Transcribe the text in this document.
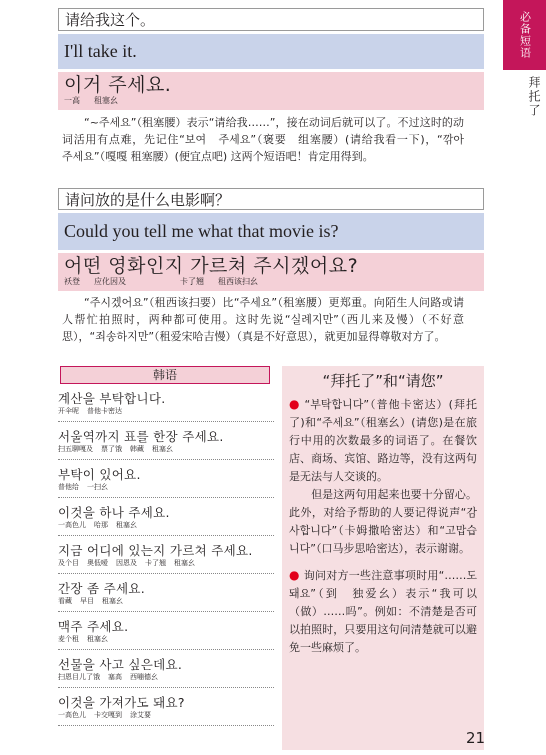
必备短语
拜托了
请给我这个。
I'll take it.
이거 주세요.
一高 租塞幺
“~주세요”（租塞腰）表示“请给我……”，接在动词后就可以了。不过这时的动词活用有点难，先记住“보여　주세요”（褒要　组塞腰）(请给我看一下)，“깎아　주세요”（嘎嘎 租塞腰）(便宜点吧) 这两个短语吧！肯定用得到。
请问放的是什么电影啊？
Could you tell me what that movie is?
어떤 영화인지 가르쳐 주시겠어요?
袄登 应化因及	卡了翘 租西该扫幺
“주시겠어요”（租西该扫要）比“주세요”（租塞腰）更郑重。向陌生人问路或请人帮忙拍照时，两种都可使用。这时先说“실례지만”（西儿来及慢）（不好意思），“죄송하지만”（租爱宋哈吉慢）（真是不好意思），就更加显得尊敬对方了。
韩语
계산을 부탁합니다.
开伞呢 普他卡密达
서울역까지 표를 한장 주세요.
扫五聊嘎及 票了饿 韩藏 租塞幺
부탁이 있어요.
普他给 一扫幺
이것을 하나 주세요.
一高色儿 哈那 租塞幺
지금 어디에 있는지 가르쳐 주세요.
及个目 奥低嗳 因恩及 卡了翘 租塞幺
간장 좀 주세요.
看藏 早目 租塞幺
맥주 주세요.
麦个租 租塞幺
선물을 사고 싶은데요.
扫恩目儿了饿 塞高 西嘣德幺
이것을 가져가도 돼요?
一高色儿 卡交嘎到 涂艾要
“拜托了”和“请您”
● “부탁합니다”（普他卡密达）(拜托了)和“주세요”（租塞幺）(请您)是在旅行中用的次数最多的词语了。在餐饮店、商场、宾馆、路边等，没有这两句是无法与人交谈的。
但是这两句用起来也要十分留心。此外，对给予帮助的人要记得说声“감사합니다”（卡姆撒哈密达）和“고맙습니다”（口马步思哈密达），表示谢谢。
● 询问对方一些注意事项时用“……도돼요”（到　独爱幺）表示“我可以（做）……吗”。例如：不清楚是否可以拍照时，只要用这句问清楚就可以避免一些麻烦了。
21
